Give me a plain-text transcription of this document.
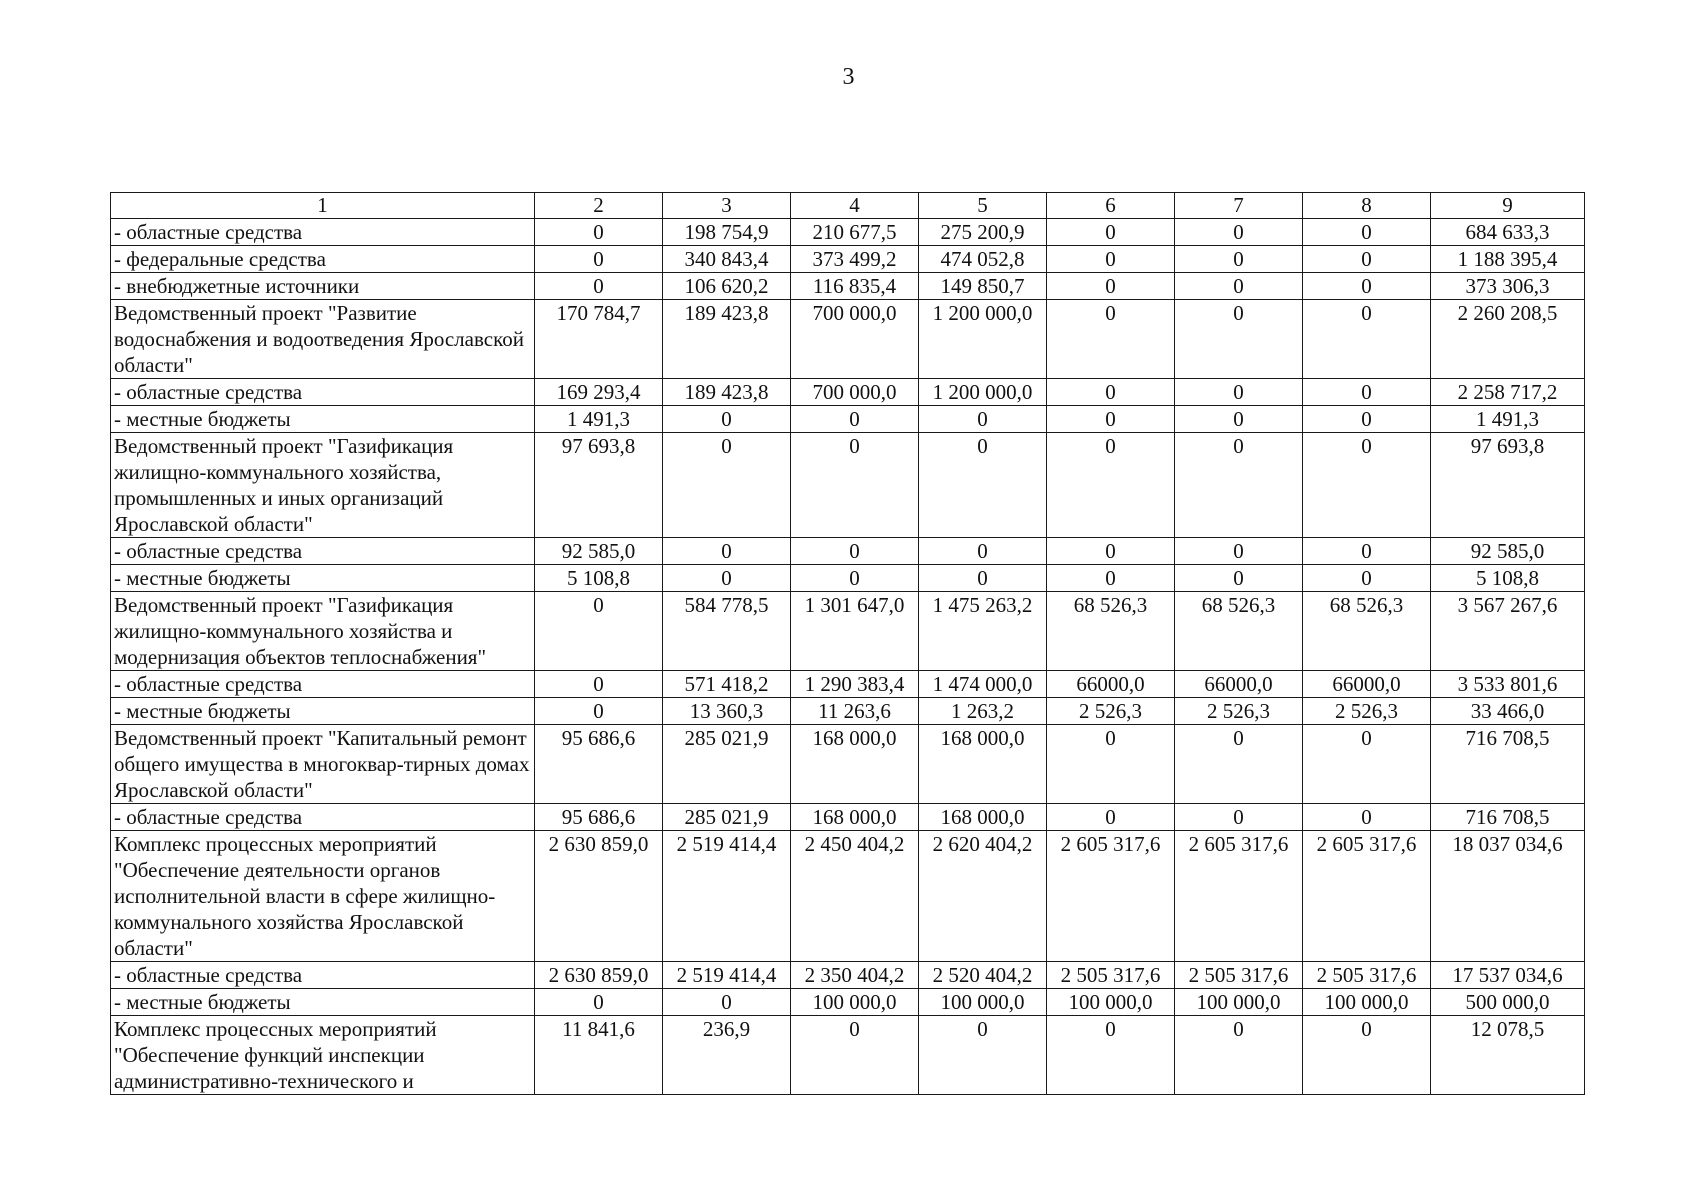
3
1	2	3	4	5	6	7	8	9
- областные средства	0	198 754,9	210 677,5	275 200,9	0	0	0	684 633,3
- федеральные средства	0	340 843,4	373 499,2	474 052,8	0	0	0	1 188 395,4
- внебюджетные источники	0	106 620,2	116 835,4	149 850,7	0	0	0	373 306,3
Ведомственный проект "Развитие водоснабжения и водоотведения Ярославской области"	170 784,7	189 423,8	700 000,0	1 200 000,0	0	0	0	2 260 208,5
- областные средства	169 293,4	189 423,8	700 000,0	1 200 000,0	0	0	0	2 258 717,2
- местные бюджеты	1 491,3	0	0	0	0	0	0	1 491,3
Ведомственный проект "Газификация жилищно-коммунального хозяйства, промышленных и иных организаций Ярославской области"	97 693,8	0	0	0	0	0	0	97 693,8
- областные средства	92 585,0	0	0	0	0	0	0	92 585,0
- местные бюджеты	5 108,8	0	0	0	0	0	0	5 108,8
Ведомственный проект "Газификация жилищно-коммунального хозяйства и модернизация объектов теплоснабжения"	0	584 778,5	1 301 647,0	1 475 263,2	68 526,3	68 526,3	68 526,3	3 567 267,6
- областные средства	0	571 418,2	1 290 383,4	1 474 000,0	66000,0	66000,0	66000,0	3 533 801,6
- местные бюджеты	0	13 360,3	11 263,6	1 263,2	2 526,3	2 526,3	2 526,3	33 466,0
Ведомственный проект "Капитальный ремонт общего имущества в многоквар-тирных домах Ярославской области"	95 686,6	285 021,9	168 000,0	168 000,0	0	0	0	716 708,5
- областные средства	95 686,6	285 021,9	168 000,0	168 000,0	0	0	0	716 708,5
Комплекс процессных мероприятий "Обеспечение деятельности органов исполнительной власти в сфере жилищно-коммунального хозяйства Ярославской области"	2 630 859,0	2 519 414,4	2 450 404,2	2 620 404,2	2 605 317,6	2 605 317,6	2 605 317,6	18 037 034,6
- областные средства	2 630 859,0	2 519 414,4	2 350 404,2	2 520 404,2	2 505 317,6	2 505 317,6	2 505 317,6	17 537 034,6
- местные бюджеты	0	0	100 000,0	100 000,0	100 000,0	100 000,0	100 000,0	500 000,0
Комплекс процессных мероприятий "Обеспечение функций инспекции административно-технического и	11 841,6	236,9	0	0	0	0	0	12 078,5
